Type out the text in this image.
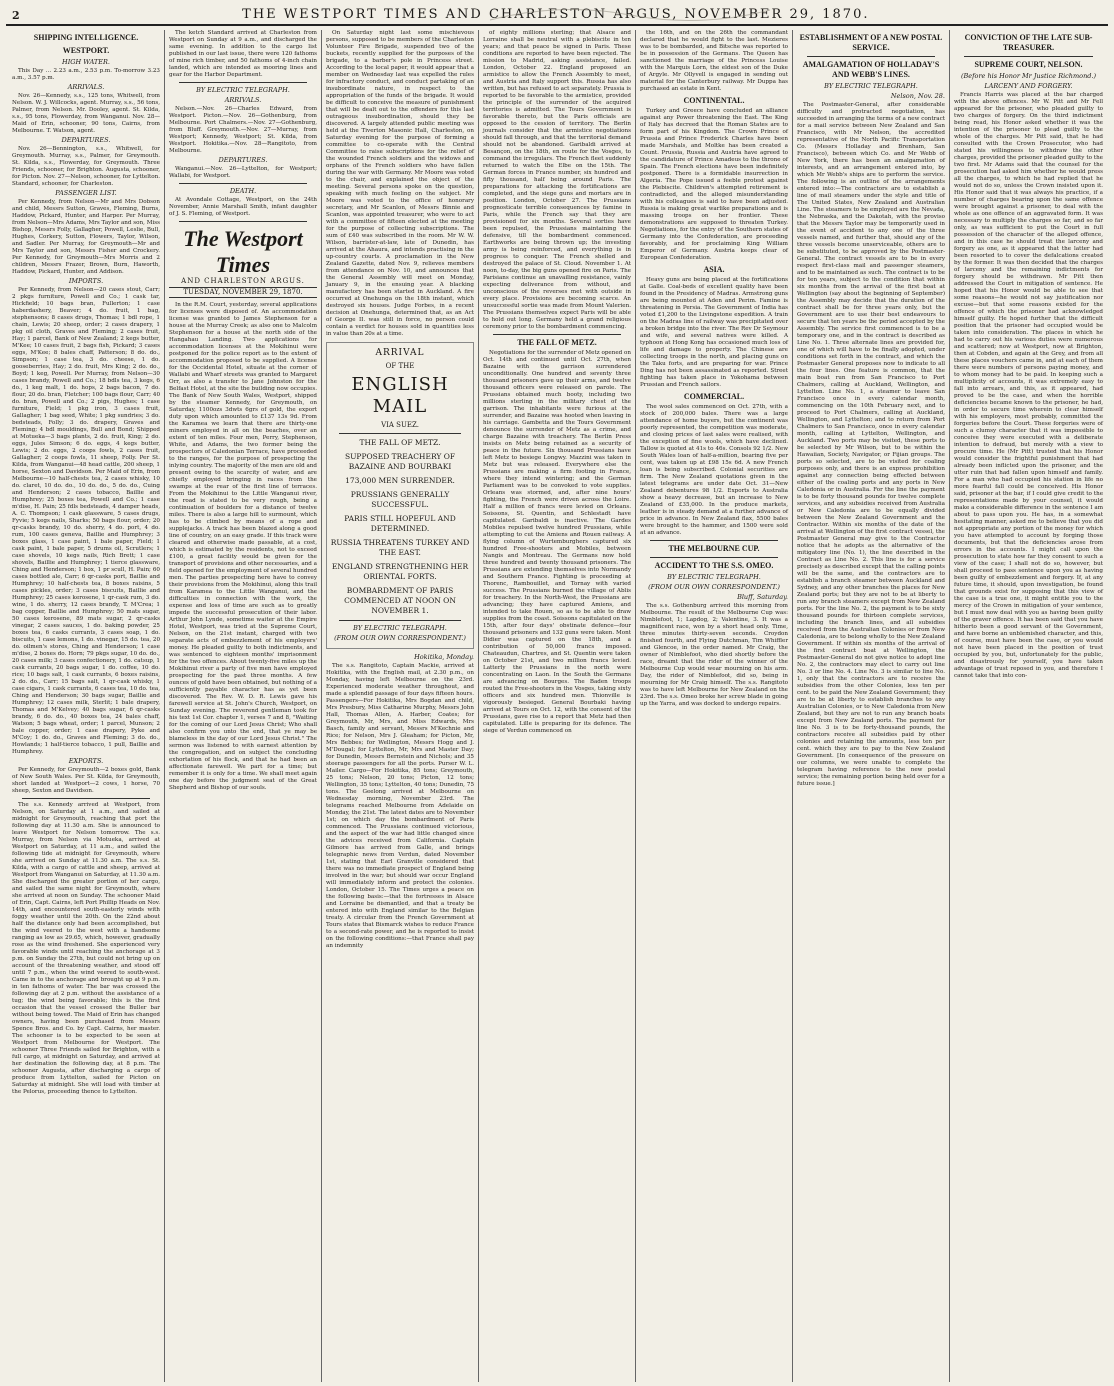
2	THE WESTPORT TIMES AND CHARLESTON ARGUS, NOVEMBER 29, 1870.
SHIPPING INTELLIGENCE.
WESTPORT.
HIGH WATER.
This Day ... 2.23 a.m., 2.53 p.m. To-morrow 3.23 a.m., 3.57 p.m.
ARRIVALS.
Nov. 26—Kennedy, s.s., 125 tons, Whitwell, from Nelson. W. J. Willcocks, agent. Murray, s.s., 56 tons, Palmer, from Nelson. Mr. Dooley, agent. St. Kilda, s.s., 95 tons, Flowerday, from Wanganui. Nov. 28—Maid of Erin, schooner, 90 tons, Cairns, from Melbourne. T. Watson, agent.
DEPARTURES.
Nov. 26—Bennington, s.s., Whitwell, for Greymouth. Murray, s.s., Palmer, for Greymouth. St. Kilda, s.s., Flowerday, for Greymouth. Three Friends, schooner, for Brighton. Augusta, schooner, for Picton. Nov. 27—Nelson, schooner, for Lyttelton. Standard, schooner, for Charleston.
PASSENGER LIST.
Per Kennedy, from Nelson—Mr and Mrs Dobson and child, Messrs Sutton, Graves, Fleming, Burns, Haddow, Pickard, Hunter, and Harper. Per Murray, from Nelson—Mrs Adams, Mrs Taylor and son, Miss Bishop, Messrs Folly, Gallagher, Powell, Leslie, Bull, Hughes, Corkery, Sutton, Flowers, Taylor, Wilson, and Sadler. Per Murray, for Greymouth—Mr and Mrs Taylor and son, Messrs Fisher and Crockery. Per Kennedy, for Greymouth—Mrs Morris and 2 children, Messrs Frazer, Brown, Burn, Haworth, Haddow, Pickard, Hunter, and Addison.
IMPORTS.
Per Kennedy, from Nelson—20 cases stout, Carr; 2 pkgs furniture, Powell and Co.; 1 cask tar, Hickfield; 10 bags bran, Fullerton; 1 case haberdashery, Beaver; 4 do. fruit, 1 bag, stephensons; 8 cases drugs, Thomas; 1 bdl rope, 1 chain, Lewis; 20 sheep, order; 2 cases drapery, 1 pkg oil cloth, Graves and Fleming; 2 cases fruit, Hay; 1 parcel, Bank of New Zealand; 2 kegs butter, M'Kee; 10 cases fruit, 2 bags fish, Pickard; 3 cases eggs, M'Kee; 8 bales chaff, Patterson; 8 do. do., Simpson; 1 case tea, 3 do. cheese, 1 do. gooseberries, Hay; 2 do. fruit, Mrs King; 2 do. do., Boyd; 1 keg, Powell. Per Murray, from Nelson—30 cases brandy, Powell and Co.; 18 bdls tea, 3 kegs, 6 do., 1 keg malt, 1 do. hops, 2 bags bacon, 7 do. flour, 20 do. bran, Fletcher; 100 bags flour, Carr; 40 do. bran, Powell and Co.; 2 pigs, Hughes; 1 case furniture, Field; 1 pkg iron, 3 cases fruit, Gallagher; 1 bag seed, White; 1 pkg sundries; 3 do. bedsteads, Folly; 3 do. drapery, Graves and Fleming; 4 bdl mouldings, Bull and Bond; Shipped at Motueka—3 bags plants, 2 do. fruit, King; 2 do. eggs, Jules Simson; 6 do. eggs, 4 kegs butter, Lewis; 2 do. eggs, 2 coops fowls, 2 cases fruit, Gallagher; 2 coops fowls, 11 sheep, Folly. Per St. Kilda, from Wanganui—48 head cattle, 200 sheep, 1 horse, Sexton and Davidson. Per Maid of Erin, from Melbourne—10 half-chests tea, 2 cases whisky, 10 do. claret, 10 do. do., 10 do. do., 5 do. do., Cuing and Henderson; 2 cases tobacco, Baillie and Humphrey; 25 boxes tea, Powell and Co.; 1 case m'dise, H. Pain; 25 fdls bedsteads, 4 damper heads, A. C. Thompson; 1 cask glassware, 5 cases drugs, Fyvie; 5 kegs nails, Sharks; 50 bags flour, order; 20 qr-casks brandy, 10 do. sherry, 4 do. port, 4 do. rum, 100 cases geneva, Baillie and Humphrey; 3 boxes glass, 1 case paint, 1 bale paper, Field; 1 cask paint, 1 bale paper, 5 drums oil, Scrutlers; 1 case shovels, 10 kegs nails, Rich Brett; 1 case shovels, Baillie and Humphrey; 1 tierce glassware, Ching and Henderson; 1 box, 1 pr scull, H. Pain; 60 cases bottled ale, Carr; 6 qr-casks port, Baillie and Humphrey; 10 half-chests tea, 8 boxes raisins, 5 cases pickles, order; 3 cases biscuits, Baillie and Humphrey; 25 cases kerosene, 1 qr-cask rum, 3 do. wine, 1 do. sherry, 12 cases brandy, T. M'Crea; 1 bag copper, Baillie and Humphrey; 50 mats sugar, 50 cases kerosene, 89 mats sugar, 2 qr-casks vinegar, 2 cases sauces, 1 do. baking powder, 25 boxes tea, 6 casks currants, 3 cases soap, 1 do. biscuits, 1 case lemons, 1 do. vinegar, 15 do. tea, 20 do. oilmen's stores, Ching and Henderson; 1 case m'dise, 2 boxes do. Horn; 79 pkgs sugar, 10 do. do., 20 cases milk; 3 cases confectionery, 1 do. catsup, 1 cask currants, 20 bags sugar, 1 do. coffee, 10 do. rice; 10 bags salt, 1 cask currants, 6 boxes raisins, 2 do. do., Carr; 15 bags salt, 1 qr-cask whisky, 1 case cigars, 1 cask currants, 6 cases tea, 10 do. tea, Ching and Henderson; 30 bags sugar, Baillie and Humphrey; 12 cases milk, Sterlit; 1 bale drapery, Thomas and M'Kelvey; 40 bags sugar, 6 qr-casks brandy, 6 do. do., 40 boxes tea, 24 bales chaff, Watson; 5 bags wheat, order; 1 parcel, Munson; 2 bale copper, order; 1 case drapery, Pyke and M'Coy; 1 do. do., Graves and Fleming; 3 do. do., Howlands; 1 half-tierce tobacco, 1 pull, Baillie and Humphrey.
EXPORTS.
Per Kennedy, for Greymouth—2 boxes gold, Bank of New South Wales. Per St. Kilda, for Greymouth, short landed at Westport—2 cows, 1 horse, 70 sheep, Sexton and Davidson.
The s.s. Kennedy arrived at Westport, from Nelson, on Saturday at 1 a.m., and sailed at midnight for Greymouth, reaching that port the following day at 11.30 a.m. She is announced to leave Westport for Nelson tomorrow. The s.s. Murray, from Nelson via Motueka, arrived at Westport on Saturday, at 11 a.m., and sailed the following tide at midnight for Greymouth, where she arrived on Sunday at 11.30 a.m. The s.s. St. Kilda, with a cargo of cattle and sheep, arrived at Westport from Wanganui on Saturday, at 11.30 a.m. She discharged the greater portion of her cargo, and sailed the same night for Greymouth, where she arrived at noon on Sunday. The schooner Maid of Erin, Capt. Cairns, left Port Phillip Heads on Nov. 14th, and encountered south-easterly winds with foggy weather until the 20th. On the 22nd about half the distance only had been accomplished, but the wind veered to the west with a handsome ranging as low as 29.65, which, however, gradually rose as the wind freshened. She experienced very favorable winds until reaching the anchorage at 3 p.m. on Sunday the 27th, but could not bring up on account of the threatening weather, and stood off until 7 p.m., when the wind veered to south-west. Came in to the anchorage and brought up at 9 p.m. in ten fathoms of water. The bar was crossed the following day at 2 p.m. without the assistance of a tug; the wind being favorable; this is the first occasion that the vessel crossed the Buller bar without being towed. The Maid of Erin has changed owners, having been purchased from Messrs Spence Bros. and Co. by Capt. Cairns, her master. The schooner is to be expected to be seen at Westport from Melbourne for Westport. The schooner Three Friends sailed for Brighton, with a full cargo, at midnight on Saturday, and arrived at her destination the following day, at 8 p.m. The schooner Augusta, after discharging a cargo of produce from Lyttelton, sailed for Picton on Saturday at midnight. She will load with timber at the Pelorus, proceeding thence to Lyttelton.
The ketch Standard arrived at Charleston from Westport on Sunday at 9 a.m., and discharged the same evening. In addition to the cargo list published in our last issue, there were 120 fathoms of mine rich timber, and 50 fathoms of 4-inch chain landed, which are intended as mooring lines and gear for the Harbor Department.
BY ELECTRIC TELEGRAPH.
ARRIVALS.
Nelson.—Nov. 26—Charles Edward, from Westport. Picton.—Nov. 26—Gothenburg, from Melbourne. Port Chalmers.—Nov. 27—Gothenburg, from Bluff. Greymouth.—Nov. 27—Murray, from Westport; Kennedy, Westport; St. Kilda, from Westport. Hokitika.—Nov. 28—Rangitoto, from Melbourne.
DEPARTURES.
Wanganui.—Nov. 26—Lyttelton, for Westport; Wallabi, for Westport.
DEATH.
At Avondale Cottage, Westport, on the 24th November, Annie Marshall Smith, infant daughter of J. S. Fleming, of Westport.
The Westport Times
AND CHARLESTON ARGUS.
TUESDAY, NOVEMBER 29, 1870.
In the R.M. Court, yesterday, several applications for licenses were disposed of. An accommodation license was granted to James Stephenson for a house at the Murray Creek; as also one to Malcolm Stephenson for a house at the north side of the Hangahau Landing. Two applications for accommodation licenses at the Mokihinui were postponed for the police report as to the extent of accommodation proposed to be supplied. A license for the Occidental Hotel, situate at the corner of Wallabi and Wharf streets was granted to Margaret Orr, as also a transfer to Jane Johnston for the Belfast Hotel, at the site the building now occupies. The Bank of New South Wales, Westport, shipped by the steamer Kennedy, for Greymouth, on Saturday, 1100ozs 3dwts 6grs of gold, the export duty upon which amounted to £137 13s 9d. From the Karamea we learn that there are thirty-one miners employed in all on the beaches, over an extent of ten miles. Four men, Perry, Stephenson, White, and Adams, the two former being the prospectors of Caledonian Terrace, have proceeded to the ranges, for the purpose of prospecting the inlying country. The majority of the men are old and present owing to the scarcity of water, and are chiefly employed bringing in races from the swamps at the rear of the first line of terraces. From the Mokihinui to the Little Wanganui river, the road is stated to be very rough, being a continuation of boulders for a distance of twelve miles. There is also a large hill to surmount, which has to be climbed by means of a rope and supplejacks. A track has been blazed along a good line of country, on an easy grade. If this track were cleared and otherwise made passable, at a cost, which is estimated by the residents, not to exceed £100, a great facility would be given for the transport of provisions and other necessaries, and a field opened for the employment of several hundred men. The parties prospecting here have to convey their provisions from the Mokihinui, along this trail from Karamea to the Little Wanganui, and the difficulties in connection with the work, the expense and loss of time are such as to greatly impede the successful prosecution of their labor. Arthur John Lynde, sometime waiter at the Empire Hotel, Westport, was tried at the Supreme Court, Nelson, on the 21st instant, charged with two separate acts of embezzlement of his employers' money. He pleaded guilty to both indictments, and was sentenced to eighteen months' imprisonment for the two offences. About twenty-five miles up the Mokihinui river a party of five men have employed prospecting for the past three months. A few ounces of gold have been obtained, but nothing of a sufficiently payable character has as yet been discovered. The Rev. W. D. R. Lewis gave his farewell service at St. John's Church, Westport, on Sunday evening. The reverend gentleman took for his text 1st Cor. chapter 1, verses 7 and 8, "Waiting for the coming of our Lord Jesus Christ; Who shall also confirm you unto the end, that ye may be blameless in the day of our Lord Jesus Christ." The sermon was listened to with earnest attention by the congregation, and on subject the concluding exhortation of his flock, and that he had been an affectionate farewell. We part for a time; but remember it is only for a time. We shall meet again one day before the judgment seat of the Great Shepherd and Bishop of our souls.
On Saturday night last some mischievous persons, supposed to be members of the Charleston Volunteer Fire Brigade, suspended two of the buckets, recently supplied for the purposes of the brigade, to a barber's pole in Princess street. According to the local paper, it would appear that a member on Wednesday last was expelled the rules for infractory conduct, and conduct partaking of an insubordinate nature, in respect to the appropriation of the funds of the brigade. It would be difficult to conceive the measure of punishment that will be dealt out to the offenders for this last outrageous insubordination, should they be discovered. A largely attended public meeting was held at the Tiverton Masonic Hall, Charleston, on Saturday evening for the purpose of forming a committee to co-operate with the Central Committee to raise subscriptions for the relief of the wounded French soldiers and the widows and orphans of the French soldiers who have fallen during the war with Germany. Mr Moore was voted to the chair, and explained the object of the meeting. Several persons spoke on the question, speaking with much feeling on the subject. Mr Moore was voted to the office of honorary secretary, and Mr Scanlon, of Messrs Binnie and Scanlon, was appointed treasurer, who were to act with a committee of fifteen elected at the meeting for the purpose of collecting subscriptions. The sum of £40 was subscribed in the room. Mr W. W. Wilson, barrister-at-law, late of Dunedin, has arrived at the Ahaura, and intends practising in the up-country courts. A proclamation in the New Zealand Gazette, dated Nov. 9, relieves members from attendance on Nov. 10, and announces that the General Assembly will meet on Monday, January 9, in the ensuing year. A blacking manufactory has been started in Auckland. A fire occurred at Onehunga on the 18th instant, which destroyed six houses. Judge Forbes, in a recent decision at Onehunga, determined that, as an Act of George II. was still in force, no person could contain a verdict for houses sold in quantities less in value than 20s at a time.
ARRIVAL
OF THE
ENGLISH MAIL
VIA SUEZ.
THE FALL OF METZ.
SUPPOSED TREACHERY OF BAZAINE AND BOURBAKI
173,000 MEN SURRENDER.
PRUSSIANS GENERALLY SUCCESSFUL.
PARIS STILL HOPEFUL AND DETERMINED.
RUSSIA THREATENS TURKEY AND THE EAST.
ENGLAND STRENGTHENING HER ORIENTAL FORTS.
BOMBARDMENT OF PARIS COMMENCED AT NOON ON NOVEMBER 1.
BY ELECTRIC TELEGRAPH.
(FROM OUR OWN CORRESPONDENT.)
Hokitika, Monday.
The s.s. Rangitoto, Captain Mackie, arrived at Hokitika, with the English mail, at 2.30 p.m., on Monday, having left Melbourne on the 23rd. Experienced moderate weather throughout, and made a splendid passage of four days fifteen hours. Passengers—For Hokitika, Mrs Bogdan and child, Mrs Presbury, Miss Catharine Murphy, Messrs John Hall, Thomas Allen, A. Harber, Coates; for Greymouth, Mr, Mrs, and Miss Edwards, Mrs Basch, family and servant, Messrs M'Kechnie and Rice; for Nelson, Mrs J. Gleaham; for Picton, Mr, Mrs Bebbes; for Wellington, Messrs Hogg and J. M'Dougal; for Lyttelton, Mr, Mrs and Master Day; for Dunedin, Messrs Bernstein and Nichols; and 35 steerage passengers for all the ports. Purser W. L. Mailer. Cargo—For Hokitika, 85 tons; Greymouth, 25 tons; Nelson, 20 tons; Picton, 12 tons; Wellington, 35 tons; Lyttelton, 40 tons; Dunedin, 75 tons. The Geelong arrived at Melbourne on Wednesday morning, November 23rd. The telegrams reached Melbourne from Adelaide on Monday, the 21st. The latest dates are to November 1st; on which day the bombardment of Paris commenced. The Prussians continued victorious, and the aspect of the war had little changed since the advices received from California. Captain Gilmore has arrived from Galle, and brings telegraphic news from Verdun, dated November 1st, stating that Earl Granville considered that there was no immediate prospect of England being involved in the war; but should war occur England will immediately inform and protect the colonies. London, October 15. The Times urges a peace on the following basis:—that the fortresses in Alsace and Lorraine be dismantled, and that a treaty be entered into with England similar to the Belgian treaty. A circular from the French Government at Tours states that Bismarck wishes to reduce France to a second-rate power, and he is reported to insist on the following conditions:—that France shall pay an indemnity
of eighty millions sterling; that Alsace and Lorraine shall be neutral with a plebiscite in ten years; and that peace be signed in Paris. These conditions are reported to have been rejected. The mission to Madrid, asking assistance, failed. London, October 22. England proposed an armistice to allow the French Assembly to meet, and Austria and Italy support this. Russia has also written, but has refused to act separately. Prussia is reported to be favorable to the armistice, provided the principle of the surrender of the acquired territories is admitted. The Tours Government is favorable thereto, but the Paris officials are opposed to the cession of territory. The Berlin journals consider that the armistice negotiations should fall through, and that the territorial demand should not be abandoned. Garibaldi arrived at Besançon, on the 18th, en route for the Vosges, to command the irregulars. The French fleet suddenly returned to watch the Elbe on the 15th. The German forces in France number, six hundred and fifty thousand, half being around Paris. The preparations for attacking the fortifications are completed, and the siege guns and mortars are in position. London, October 27. The Prussians prognosticate terrible consequences by famine in Paris, while the French say that they are provisioned for six months. Several sorties have been repulsed, the Prussians maintaining the defensive, till the bombardment commenced. Earthworks are being thrown up; the investing army is being reinforced, and everything is in progress to conquer. The French shelled and destroyed the palace of St. Cloud. November 1. At noon, to-day, the big guns opened fire on Paris. The Parisians continue an unavailing resistance, vainly expecting deliverance from without, and unconscious of the reverses met with outside in every place. Provisions are becoming scarce. An unsuccessful sortie was made from Mount Valerien. The Prussians themselves expect Paris will be able to hold out long. Germany held a grand religious ceremony prior to the bombardment commencing.
THE FALL OF METZ.
Negotiations for the surrender of Metz opened on Oct. 14th and continued until Oct. 27th, when Bazaine with the garrison surrendered unconditionally. One hundred and seventy three thousand prisoners gave up their arms, and twelve thousand officers were released on parole. The Prussians obtained much booty, including two millions sterling in the military chest of the garrison. The inhabitants were furious at the surrender, and Bazaine was hooted when leaving in his carriage. Gambetta and the Tours Government denounce the surrender of Metz as a crime, and charge Bazaine with treachery. The Berlin Press insists on Metz being retained as a security of peace in the future. Six thousand Prussians have left Metz to besiege Longwy. Mazzini was taken in Metz but was released. Everywhere else the Prussians are making a firm footing in France, where they intend wintering; and the German Parliament was to be convoked to vote supplies. Orleans was stormed, and, after nine hours' fighting, the French were driven across the Loire. Half a million of francs were levied on Orleans. Soissons, St. Quentin, and Schlestadt have capitulated. Garibaldi is inactive. The Gardes Mobiles repulsed twelve hundred Prussians, while attempting to cut the Amiens and Rouen railway. A flying column of Wurtemburghers captured six hundred Free-shooters and Mobiles, between Nangis and Montreau. The Germans now hold three hundred and twenty thousand prisoners. The Prussians are extending themselves into Normandy and Southern France. Fighting is proceeding at Thorenc, Rambouillet, and Tornay with varied success. The Prussians burned the village of Ablis for treachery. In the North-West, the Prussians are advancing; they have captured Amiens, and intended to take Rouen, so as to be able to draw supplies from the coast. Soissons capitulated on the 15th, after four days' obstinate defence—four thousand prisoners and 132 guns were taken. Mont Didier was captured on the 18th, and a contribution of 50,000 francs imposed. Chateaudun, Chartres, and St. Quentin were taken on October 21st, and two million francs levied. Latterly the Prussians in the north were concentrating on Laon. In the South the Germans are advancing on Bourges. The Baden troops routed the Free-shooters in the Vosges, taking sixty officers and six hundred men. Thionville is vigorously besieged. General Bourbaki having arrived at Tours on Oct. 12, with the consent of the Prussians, gave rise to a report that Metz had then capitulated. Lille is preparing for its defence. The siege of Verdun commenced on
the 16th, and on the 26th the commandant declared that he would fight to the last. Mezieres was to be bombarded, and Bitsche was reported to be in possession of the Germans. The Queen has sanctioned the marriage of the Princess Louise with the Marquis Lorn, the eldest son of the Duke of Argyle. Mr Ollyvell is engaged in sending out material for the Canterbury railway. Mr Duppa has purchased an estate in Kent.
CONTINENTAL.
Turkey and Greece have concluded an alliance against any Power threatening the East. The King of Italy has decreed that the Roman States are to form part of his Kingdom. The Crown Prince of Prussia and Prince Frederick Charles have been made Marshals, and Moltke has been created a Count. Prussia, Russia and Austria have agreed to the candidature of Prince Amadeus to the throne of Spain. The French elections have been indefinitely postponed. There is a formidable insurrection in Algeria. The Pope issued a feeble protest against the Plebiscite. Children's attempted retirement is contradicted, and the alleged misunderstanding with his colleagues is said to have been adjusted. Russia is making great warlike preparations and is massing troops on her frontier. These demonstrations are supposed to threaten Turkey. Negotiations, for the entry of the Southern states of Germany into the Confederation, are proceeding favorably, and for proclaiming King William Emperor of Germany. Austria keeps clear of European Confederation.
ASIA.
Heavy guns are being placed at the fortifications at Galle. Coal-beds of excellent quality have been found in the Presidency of Madras. Armstrong guns are being mounted at Aden and Perim. Famine is threatening in Persia. The Government of India has voted £1,200 to the Livingstone expedition. A train on the Madras line of railway was precipitated over a broken bridge into the river. The Rev Dr Seymour and wife, and several natives were killed. A typhoon at Hong Kong has occasioned much loss of life and damage to property. The Chinese are collecting troops in the north, and placing guns on the Taku forts, and are preparing for war. Prince Ding has not been assassinated as reported. Street fighting has taken place in Yokohama between Prussian and French sailors.
COMMERCIAL.
The wool sales commenced on Oct. 27th, with a stock of 200,000 bales. There was a large attendance of home buyers, but the continent was poorly represented, the competition was moderate, and closing prices of last sales were realised, with the exception of fine wools, which have declined. Tallow is quoted at 41s to 46s. Consols 92 1/2. New South Wales loan of half-a-million, bearing five per cent, was taken up at £98 15s 6d. A new French loan is being subscribed. Colonial securities are firm. The New Zealand quotations given in the latest telegrams are under date Oct. 31—New Zealand debentures 98 1/2. Exports to Australia show a heavy decrease, but an increase to New Zealand of £35,000. In the produce markets, leather is in steady demand at a further advance of price in advance. In New Zealand flax, 5500 bales were brought to the hammer, and 1500 were sold at an advance.
THE MELBOURNE CUP.
ACCIDENT TO THE S.S. OMEO.
BY ELECTRIC TELEGRAPH.
(FROM OUR OWN CORRESPONDENT.)
Bluff, Saturday.
The s.s. Gothenburg arrived this morning from Melbourne. The result of the Melbourne Cup was: Nimblefoot, 1; Lapdog, 2; Valentine, 3. It was a magnificent race, won by a short head only. Time, three minutes thirty-seven seconds. Croydon finished fourth, and Flying Dutchman, Tim Whiffler and Glencoe, in the order named. Mr Craig, the owner of Nimblefoot, who died shortly before the race, dreamt that the rider of the winner of the Melbourne Cup would wear mourning on his arm. Day, the rider of Nimblefoot, did so, being in mourning for Mr Craig himself. The s.s. Rangitoto was to have left Melbourne for New Zealand on the 23rd. The s.s. Omeo broke her screw blade in going up the Yarra, and was docked to undergo repairs.
ESTABLISHMENT OF A NEW POSTAL SERVICE.
AMALGAMATION OF HOLLADAY'S AND WEBB'S LINES.
BY ELECTRIC TELEGRAPH.
Nelson, Nov. 28.
The Postmaster-General, after considerable difficulty and protracted negotiation, has succeeded in arranging the terms of a new contract for a mail service between New Zealand and San Francisco, with Mr Nelson, the accredited representative of the North Pacific Transportation Co. (Messrs Holladay and Brenham, San Francisco), between which Co. and Mr Webb of New York, there has been an amalgamation of interests, and an arrangement entered into, by which Mr Webb's ships are to perform the service. The following is an outline of the arrangements entered into:—The contractors are to establish a line of mail steamers under the style and title of The United States, New Zealand and Australian Line. The steamers to be employed are the Nevada, the Nebraska, and the Dakotah, with the proviso that the Messrs Taylor may be temporarily used in the event of accident to any one of the three vessels named, and further that, should any of the three vessels become unserviceable, others are to be substituted, to be approved by the Postmaster-General. The contract vessels are to be in every respect first-class mail and passenger steamers, and to be maintained as such. The contract is to be for ten years, subject to the condition that within six months from the arrival of the first boat at Wellington (say about the beginning of September) the Assembly may decide that the duration of the contract shall be for three years only, but the Government are to use their best endeavours to secure that ten years be the period accepted by the Assembly. The service first commenced is to be a temporary one, and in the contract is described as Line No. 1. Three alternate lines are provided for, one of which will have to be finally adopted, under conditions set forth in the contract, and which the Postmaster General proposes now to indicate to all the four lines. One feature is common, that the main boat run from San Francisco to Port Chalmers, calling at Auckland, Wellington, and Lyttelton. Line No. 1, a steamer to leave San Francisco once in every calendar month, commencing on the 10th February next, and to proceed to Port Chalmers, calling at Auckland, Wellington, and Lyttelton; and to return from Port Chalmers to San Francisco, once in every calendar month, calling at Lyttelton, Wellington, and Auckland. Two ports may be visited, these ports to be selected by Mr Wilson, but to be within the Hawaiian, Society, Navigator, or Fijian groups. The ports so selected, are to be visited for coaling purposes only, and there is an express prohibition against any connection being effected between either of the coaling ports and any ports in New Caledonia or in Australia. For the line the payment is to be forty thousand pounds for twelve complete services, and any subsidies received from Australia or New Caledonia are to be equally divided between the New Zealand Government and the Contractor. Within six months of the date of the arrival at Wellington of the first contract vessel, the Postmaster General may give to the Contractor notice that he adopts as the alternative of the mitigatory line (No. 1), the line described in the Contract as Line No. 2. This line is for a service precisely as described except that the calling points will be the same, and the contractors are to establish a branch steamer between Auckland and Sydney, and any other branches the places for New Zealand ports; but they are not to be at liberty to run any branch steamers except from New Zealand ports. For the line No. 2, the payment is to be sixty thousand pounds for thirteen complete services, including the branch lines, and all subsidies received from the Australian Colonies or from New Caledonia, are to belong wholly to the New Zealand Government. If within six months of the arrival of the first contract boat at Wellington, the Postmaster-General do not give notice to adopt line No. 2, the contractors may elect to carry out line No. 3 or line No. 4. Line No. 3 is similar to line No. 1, only that the contractors are to receive the subsidies from the other Colonies, less ten per cent. to be paid the New Zealand Government; they are to be at liberty to establish branches to any Australian Colonies, or to New Caledonia from New Zealand, but they are not to run any branch boats except from New Zealand ports. The payment for line No. 3 is to be forty-thousand pounds, the contractors receive all subsidies paid by other colonies and retaining the amounts, less ten per cent. which they are to pay to the New Zealand Government. [In consequence of the pressure on our columns, we were unable to complete the telegram having reference to the new postal service; the remaining portion being held over for a future issue.]
CONVICTION OF THE LATE SUB-TREASURER.
SUPREME COURT, NELSON.
(Before his Honor Mr Justice Richmond.)
LARCENY AND FORGERY.
Francis Harris was placed at the bar charged with the above offences. Mr W. Pitt and Mr Fell appeared for the prisoner, who pleaded guilty to two charges of forgery. On the third indictment being read, his Honor asked whether it was the intention of the prisoner to plead guilty to the whole of the charges. Mr Pitt said, that he had consulted with the Crown Prosecutor, who had stated his willingness to withdraw the other charges, provided the prisoner pleaded guilty to the two first. Mr Adams said that the counsel for the prosecution had asked him whether he would press all the charges, to which he had replied that he would not do so, unless the Crown insisted upon it. His Honor said that it was always his practice, if a number of charges bearing upon the same offence were brought against a prisoner, to deal with the whole as one offence of an aggravated form. It was necessary to multiply the charges so far, and so far only, as was sufficient to put the Court in full possession of the character of the alleged offence, and in this case he should treat the larceny and forgery as one, as it appeared that the latter had been resorted to to cover the defalcations created by the former. It was then decided that the charges of larceny and the remaining indictments for forgery should be withdrawn. Mr Pitt then addressed the Court in mitigation of sentence. He hoped that his Honor would be able to see that some reasons—he would not say justification nor excuse—but that some reasons existed for the offence of which the prisoner had acknowledged himself guilty. He hoped further that the difficult position that the prisoner had occupied would be taken into consideration. The places in which he had to carry out his various duties were numerous and scattered; now at Westport, now at Brighton, then at Cobden, and again at the Grey, and from all these places vouchers came in, and at each of them there were numbers of persons paying money, and to whom money had to be paid. In keeping such a multiplicity of accounts, it was extremely easy to fall into arrears, and this, as it appeared, had proved to be the case, and when the horrible deficiencies became known to the prisoner, he had, in order to secure time wherein to clear himself with his employers, most probably, committed the forgeries before the Court. These forgeries were of such a clumsy character that it was impossible to conceive they were executed with a deliberate intention to defraud, but merely with a view to procure time. He (Mr Pitt) trusted that his Honor would consider the frightful punishment that had already been inflicted upon the prisoner, and the utter ruin that had fallen upon himself and family. For a man who had occupied his station in life no more fearful fall could be conceived. His Honor said, prisoner at the bar, if I could give credit to the representations made by your counsel, it would make a considerable difference in the sentence I am about to pass upon you. He has, in a somewhat hesitating manner, asked me to believe that you did not appropriate any portion of the money for which you have attempted to account by forging those documents, but that the deficiencies arose from errors in the accounts. I might call upon the prosecution to state how far they consent to such a view of the case; I shall not do so, however, but shall proceed to pass sentence upon you as having been guilty of embezzlement and forgery. If, at any future time, it should, upon investigation, be found that grounds exist for supposing that this view of the case is a true one, it might entitle you to the mercy of the Crown in mitigation of your sentence, but I must now deal with you as having been guilty of the graver offence. It has been said that you have hitherto been a good servant of the Government, and have borne an unblemished character, and this, of course, must have been the case, or you would not have been placed in the position of trust occupied by you, but, unfortunately for the public, and disastrously for yourself, you have taken advantage of trust reposed in you, and therefore I cannot take that into con-
